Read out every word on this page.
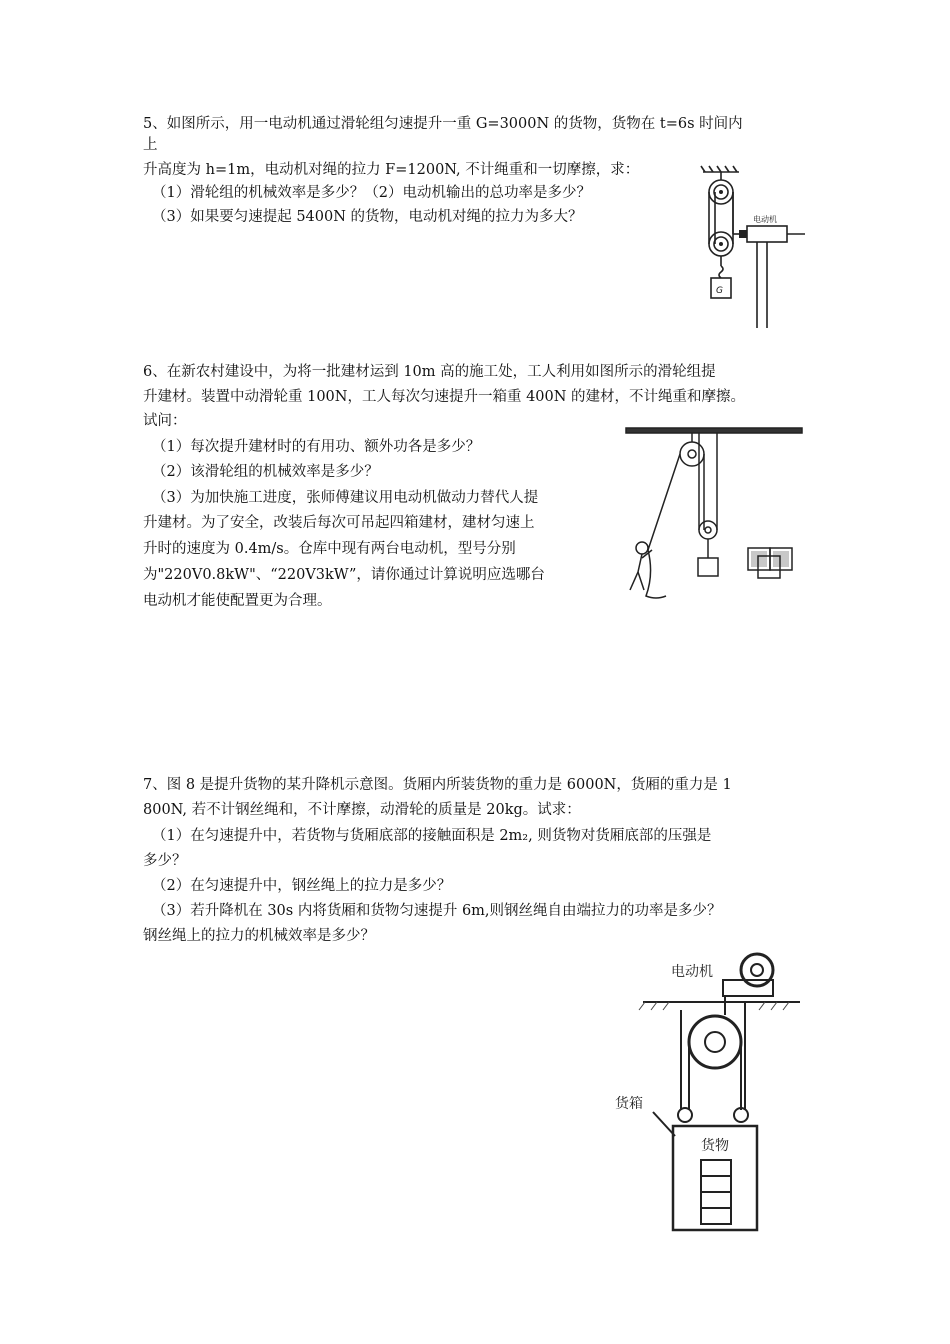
5、如图所示，用一电动机通过滑轮组匀速提升一重 G=3000N 的货物，货物在 t=6s 时间内
上
升高度为 h=1m，电动机对绳的拉力 F=1200N, 不计绳重和一切摩擦，求：
（1）滑轮组的机械效率是多少？（2）电动机输出的总功率是多少？
（3）如果要匀速提起 5400N 的货物，电动机对绳的拉力为多大？	电动机
G
6、在新农村建设中，为将一批建材运到 10m 高的施工处，工人利用如图所示的滑轮组提
升建材。装置中动滑轮重 100N，工人每次匀速提升一箱重 400N 的建材，不计绳重和摩擦。
试问：
（1）每次提升建材时的有用功、额外功各是多少？
（2）该滑轮组的机械效率是多少？
（3）为加快施工进度，张师傅建议用电动机做动力替代人提
升建材。为了安全，改装后每次可吊起四箱建材，建材匀速上
升时的速度为 0.4m/s。仓库中现有两台电动机，型号分别
为"220V0.8kW"、“220V3kW”，请你通过计算说明应选哪台
电动机才能使配置更为合理。
7、图 8 是提升货物的某升降机示意图。货厢内所装货物的重力是 6000N，货厢的重力是 1
800N, 若不计钢丝绳和，不计摩擦，动滑轮的质量是 20kg。试求：
（1）在匀速提升中，若货物与货厢底部的接触面积是 2m₂, 则货物对货厢底部的压强是
多少？
（2）在匀速提升中，钢丝绳上的拉力是多少？
（3）若升降机在 30s 内将货厢和货物匀速提升 6m,则钢丝绳自由端拉力的功率是多少？
钢丝绳上的拉力的机械效率是多少？
电动机
货箱
货物
